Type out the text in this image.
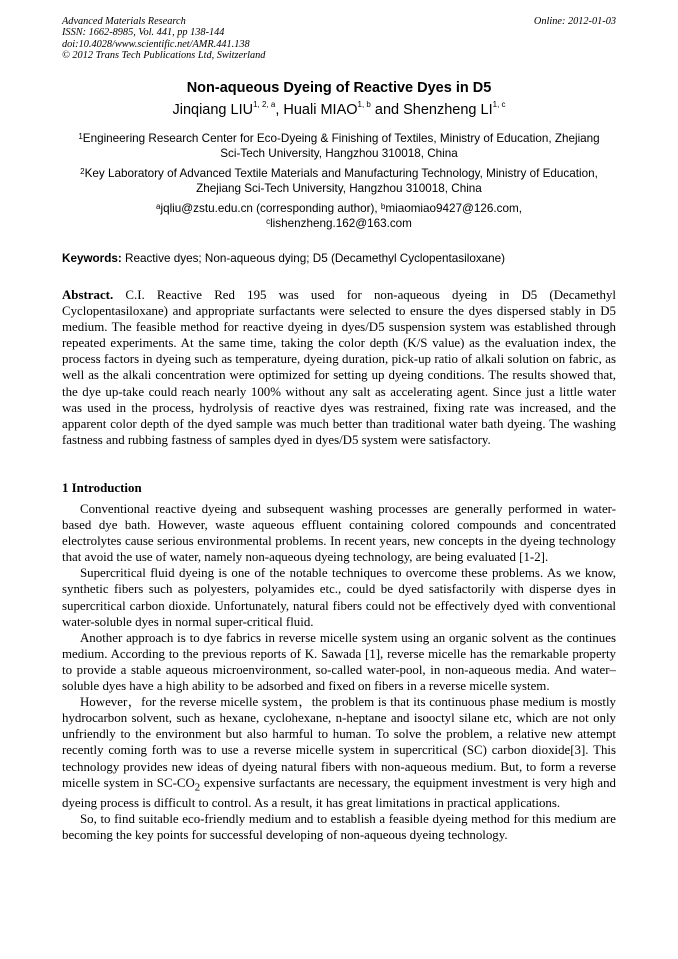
Advanced Materials Research
ISSN: 1662-8985, Vol. 441, pp 138-144
doi:10.4028/www.scientific.net/AMR.441.138
© 2012 Trans Tech Publications Ltd, Switzerland
Online: 2012-01-03
Non-aqueous Dyeing of Reactive Dyes in D5
Jinqiang LIU$^{1, 2, a}$, Huali MIAO$^{1, b}$ and Shenzheng LI$^{1, c}$
$^1$Engineering Research Center for Eco-Dyeing & Finishing of Textiles, Ministry of Education, Zhejiang Sci-Tech University, Hangzhou 310018, China
$^2$Key Laboratory of Advanced Textile Materials and Manufacturing Technology, Ministry of Education, Zhejiang Sci-Tech University, Hangzhou 310018, China
$^a$jqliu@zstu.edu.cn (corresponding author), $^b$miaomiao9427@126.com,
$^c$lishenzheng.162@163.com
Keywords: Reactive dyes; Non-aqueous dying; D5 (Decamethyl Cyclopentasiloxane)
Abstract. C.I. Reactive Red 195 was used for non-aqueous dyeing in D5 (Decamethyl Cyclopentasiloxane) and appropriate surfactants were selected to ensure the dyes dispersed stably in D5 medium. The feasible method for reactive dyeing in dyes/D5 suspension system was established through repeated experiments. At the same time, taking the color depth (K/S value) as the evaluation index, the process factors in dyeing such as temperature, dyeing duration, pick-up ratio of alkali solution on fabric, as well as the alkali concentration were optimized for setting up dyeing conditions. The results showed that, the dye up-take could reach nearly 100% without any salt as accelerating agent. Since just a little water was used in the process, hydrolysis of reactive dyes was restrained, fixing rate was increased, and the apparent color depth of the dyed sample was much better than traditional water bath dyeing. The washing fastness and rubbing fastness of samples dyed in dyes/D5 system were satisfactory.
1 Introduction

Conventional reactive dyeing and subsequent washing processes are generally performed in water-based dye bath. However, waste aqueous effluent containing colored compounds and concentrated electrolytes cause serious environmental problems. In recent years, new concepts in the dyeing technology that avoid the use of water, namely non-aqueous dyeing technology, are being evaluated [1-2].

Supercritical fluid dyeing is one of the notable techniques to overcome these problems. As we know, synthetic fibers such as polyesters, polyamides etc., could be dyed satisfactorily with disperse dyes in supercritical carbon dioxide. Unfortunately, natural fibers could not be effectively dyed with conventional water-soluble dyes in normal super-critical fluid.

Another approach is to dye fabrics in reverse micelle system using an organic solvent as the continues medium. According to the previous reports of K. Sawada [1], reverse micelle has the remarkable property to provide a stable aqueous microenvironment, so-called water-pool, in non-aqueous media. And water–soluble dyes have a high ability to be adsorbed and fixed on fibers in a reverse micelle system.

However，for the reverse micelle system，the problem is that its continuous phase medium is mostly hydrocarbon solvent, such as hexane, cyclohexane, n-heptane and isooctyl silane etc, which are not only unfriendly to the environment but also harmful to human. To solve the problem, a relative new attempt recently coming forth was to use a reverse micelle system in supercritical (SC) carbon dioxide[3]. This technology provides new ideas of dyeing natural fibers with non-aqueous medium. But, to form a reverse micelle system in $SC-CO_2$ expensive surfactants are necessary, the equipment investment is very high and dyeing process is difficult to control. As a result, it has great limitations in practical applications.

So, to find suitable eco-friendly medium and to establish a feasible dyeing method for this medium are becoming the key points for successful developing of non-aqueous dyeing technology.
